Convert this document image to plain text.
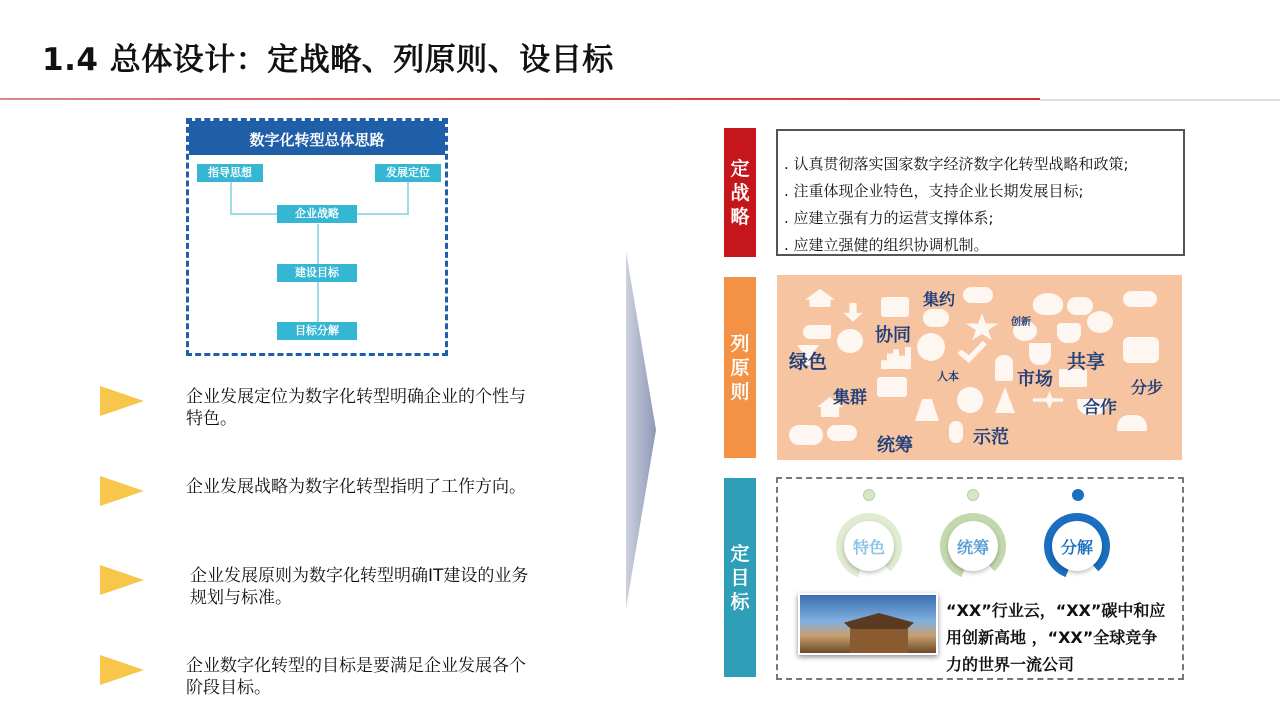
1.4 总体设计：定战略、列原则、设目标
数字化转型总体思路
指导思想	发展定位
企业战略
建设目标
目标分解
企业发展定位为数字化转型明确企业的个性与特色。
企业发展战略为数字化转型指明了工作方向。
企业发展原则为数字化转型明确IT建设的业务规划与标准。
企业数字化转型的目标是要满足企业发展各个阶段目标。
定战略
列原则
定目标

. 认真贯彻落实国家数字经济数字化转型战略和政策;

. 注重体现企业特色，支持企业长期发展目标;

. 应建立强有力的运营支撑体系;

. 应建立强健的组织协调机制。

集约
创新
协同
绿色	共享
人本	市场	分步
集群	合作
统筹	示范
特色	统筹	分解
“XX”行业云，“XX”碳中和应用创新高地 ，“XX”全球竞争力的世界一流公司
